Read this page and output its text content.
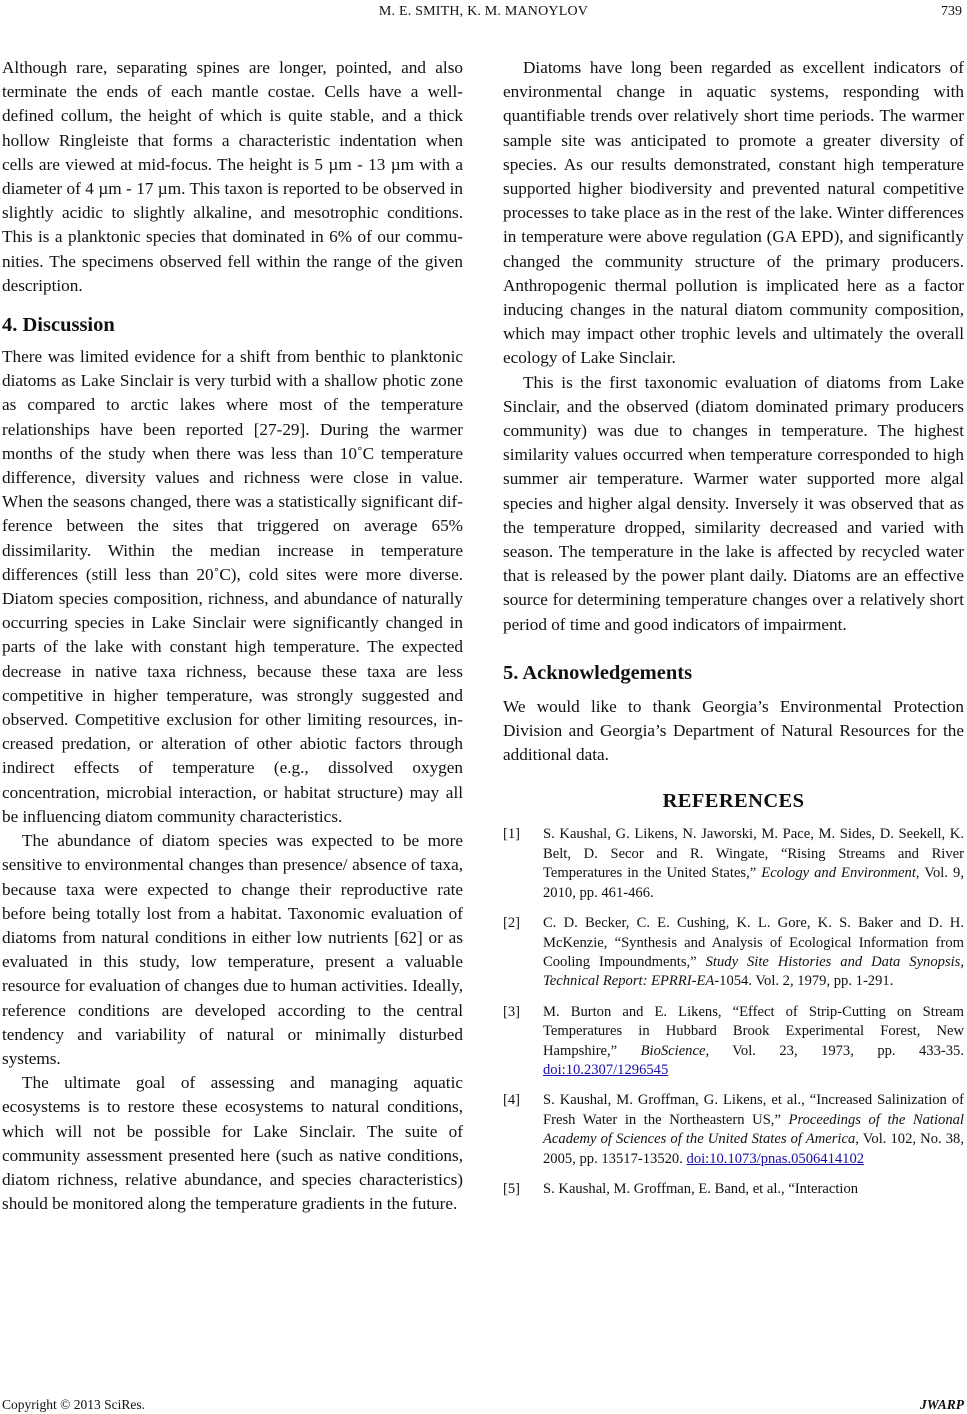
M. E. SMITH, K. M. MANOYLOV	739

Although rare, separating spines are longer, pointed, and also terminate the ends of each mantle costae. Cells have a well-defined collum, the height of which is quite stable, and a thick hollow Ringleiste that forms a characteristic indentation when cells are viewed at mid-focus. The height is 5 µm - 13 µm with a diameter of 4 µm - 17 µm. This taxon is reported to be observed in slightly acidic to slightly alkaline, and mesotrophic conditions. This is a planktonic species that dominated in 6% of our communities. The specimens observed fell within the range of the given description.

4. Discussion

There was limited evidence for a shift from benthic to planktonic diatoms as Lake Sinclair is very turbid with a shallow photic zone as compared to arctic lakes where most of the temperature relationships have been reported [27-29]. During the warmer months of the study when there was less than 10˚C temperature difference, diversity values and richness were close in value. When the seasons changed, there was a statistically significant difference between the sites that triggered on average 65% dissimilarity. Within the median increase in temperature differences (still less than 20˚C), cold sites were more diverse. Diatom species composition, richness, and abundance of naturally occurring species in Lake Sinclair were significantly changed in parts of the lake with constant high temperature. The expected decrease in native taxa richness, because these taxa are less competitive in higher temperature, was strongly suggested and observed. Competitive exclusion for other limiting resources, increased predation, or alteration of other abiotic factors through indirect effects of temperature (e.g., dissolved oxygen concentration, microbial interaction, or habitat structure) may all be influencing diatom community characteristics.

The abundance of diatom species was expected to be more sensitive to environmental changes than presence/ absence of taxa, because taxa were expected to change their reproductive rate before being totally lost from a habitat. Taxonomic evaluation of diatoms from natural conditions in either low nutrients [62] or as evaluated in this study, low temperature, present a valuable resource for evaluation of changes due to human activities. Ideally, reference conditions are developed according to the central tendency and variability of natural or minimally disturbed systems.

The ultimate goal of assessing and managing aquatic ecosystems is to restore these ecosystems to natural conditions, which will not be possible for Lake Sinclair. The suite of community assessment presented here (such as native conditions, diatom richness, relative abundance, and species characteristics) should be monitored along the temperature gradients in the future.

Diatoms have long been regarded as excellent indicators of environmental change in aquatic systems, responding with quantifiable trends over relatively short time periods. The warmer sample site was anticipated to promote a greater diversity of species. As our results demonstrated, constant high temperature supported higher biodiversity and prevented natural competitive processes to take place as in the rest of the lake. Winter differences in temperature were above regulation (GA EPD), and significantly changed the community structure of the primary producers. Anthropogenic thermal pollution is implicated here as a factor inducing changes in the natural diatom community composition, which may impact other trophic levels and ultimately the overall ecology of Lake Sinclair.

This is the first taxonomic evaluation of diatoms from Lake Sinclair, and the observed (diatom dominated primary producers community) was due to changes in temperature. The highest similarity values occurred when temperature corresponded to high summer air temperature. Warmer water supported more algal species and higher algal density. Inversely it was observed that as the temperature dropped, similarity decreased and varied with season. The temperature in the lake is affected by recycled water that is released by the power plant daily. Diatoms are an effective source for determining temperature changes over a relatively short period of time and good indicators of impairment.

5. Acknowledgements

We would like to thank Georgia’s Environmental Protection Division and Georgia’s Department of Natural Resources for the additional data.

REFERENCES
[1]	S. Kaushal, G. Likens, N. Jaworski, M. Pace, M. Sides, D. Seekell, K. Belt, D. Secor and R. Wingate, “Rising Streams and River Temperatures in the United States,” Ecology and Environment, Vol. 9, 2010, pp. 461-466.
[2]	C. D. Becker, C. E. Cushing, K. L. Gore, K. S. Baker and D. H. McKenzie, “Synthesis and Analysis of Ecological Information from Cooling Impoundments,” Study Site Histories and Data Synopsis, Technical Report: EPRRI-EA-1054. Vol. 2, 1979, pp. 1-291.
[3]	M. Burton and E. Likens, “Effect of Strip-Cutting on Stream Temperatures in Hubbard Brook Experimental Forest, New Hampshire,” BioScience, Vol. 23, 1973, pp. 433-35. doi:10.2307/1296545
[4]	S. Kaushal, M. Groffman, G. Likens, et al., “Increased Salinization of Fresh Water in the Northeastern US,” Proceedings of the National Academy of Sciences of the United States of America, Vol. 102, No. 38, 2005, pp. 13517-13520. doi:10.1073/pnas.0506414102
[5]	S. Kaushal, M. Groffman, E. Band, et al., “Interaction
Copyright © 2013 SciRes.	JWARP
